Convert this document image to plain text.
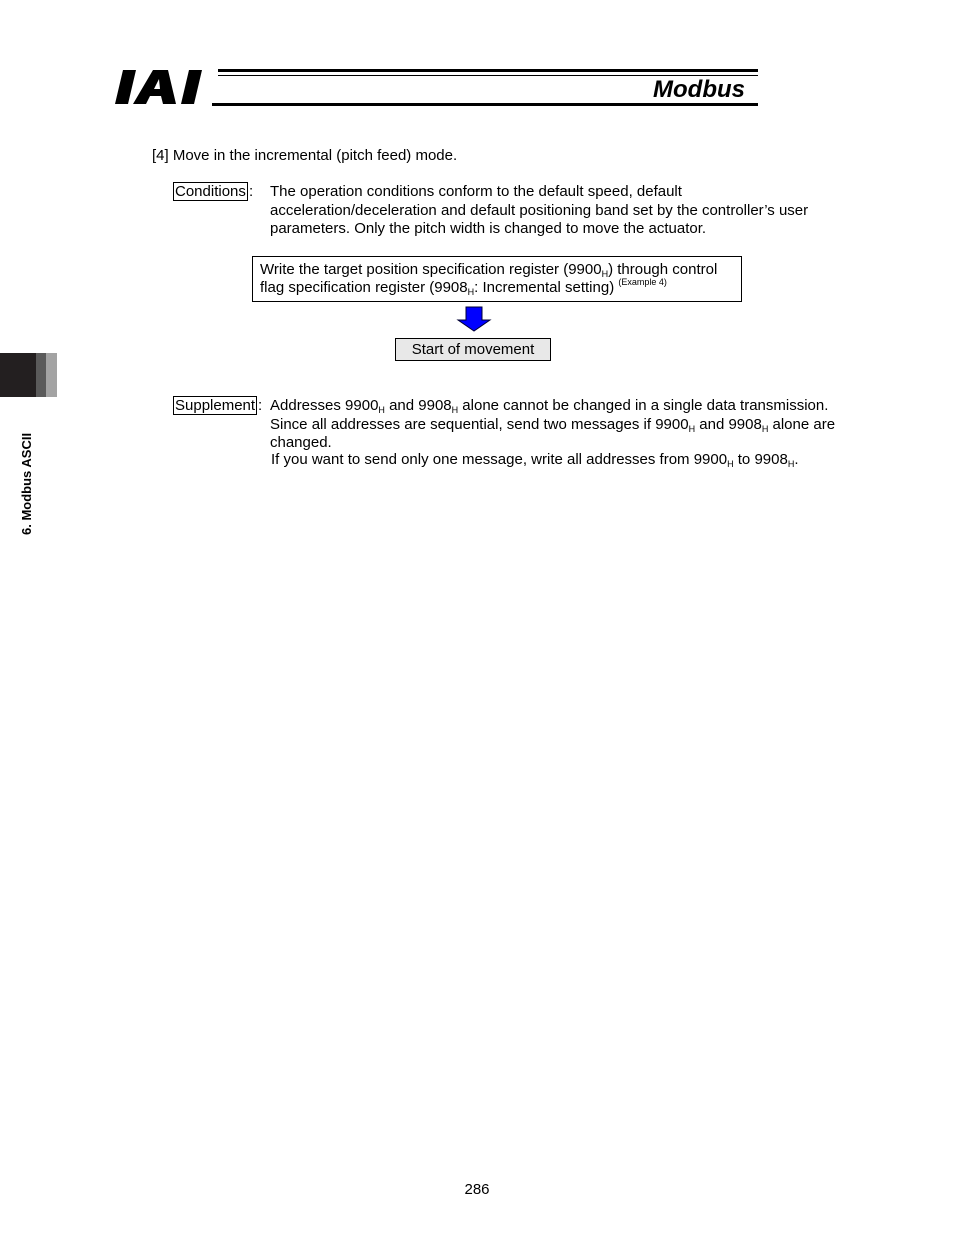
Modbus
6. Modbus ASCII
[4] Move in the incremental (pitch feed) mode.
Conditions : The operation conditions conform to the default speed, default acceleration/deceleration and default positioning band set by the controller’s user parameters. Only the pitch width is changed to move the actuator.
Write the target position specification register $(9900_H)$ through control
flag specification register ($9908_H$: Incremental setting) $^{(Example 4)}$
Start of movement
Supplement : Addresses $9900_H$ and $9908_H$ alone cannot be changed in a single data transmission. Since all addresses are sequential, send two messages if $9900_H$ and $9908_H$ alone are changed.
If you want to send only one message, write all addresses from $9900_H$ to $9908_H$.
286
